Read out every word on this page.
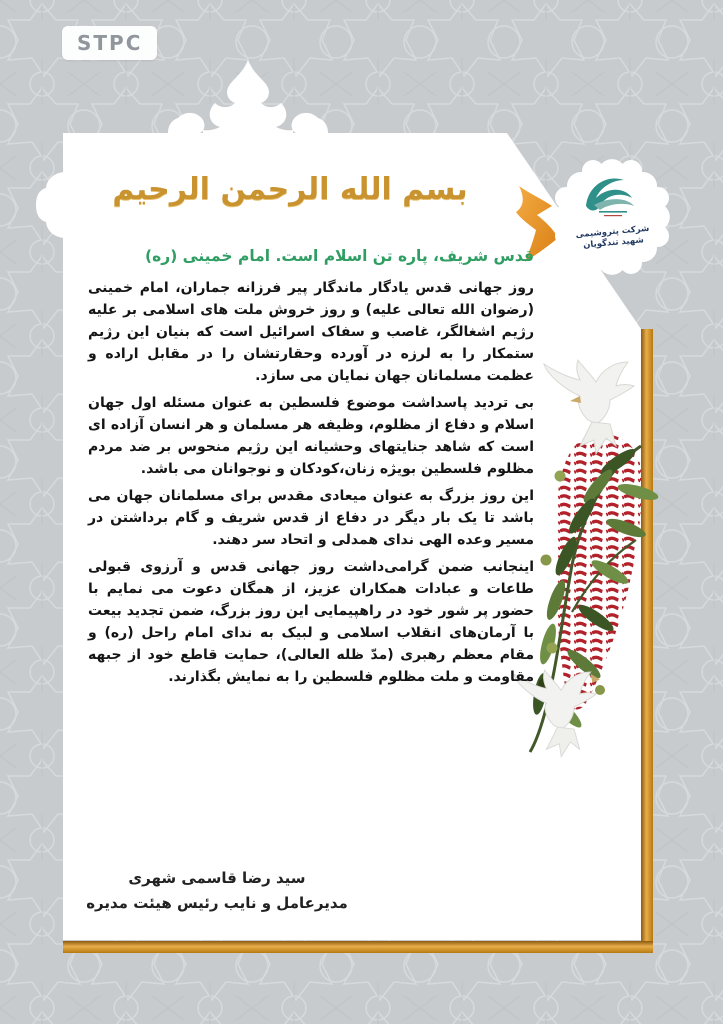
STPC
بسم الله الرحمن الرحیم
شرکت پتروشیمی شهید تندگویان
قدس شریف، پاره تن اسلام است. امام خمینی (ره)

روز جهانی قدس یادگار ماندگار پیر فرزانه جماران، امام خمینی (رضوان الله تعالی علیه) و روز خروش ملت های اسلامی بر علیه رژیم اشغالگر، غاصب و سفاک اسرائیل است که بنیان این رژیم ستمکار را به لرزه در آورده وحقارتشان را در مقابل اراده و عظمت مسلمانان جهان نمایان می سازد.

بی تردید پاسداشت موضوع فلسطین به عنوان مسئله اول جهان اسلام و دفاع از مظلوم، وظیفه هر مسلمان و هر انسان آزاده ای است که شاهد جنایتهای وحشیانه این رژیم منحوس بر ضد مردم مظلوم فلسطین بویژه زنان،کودکان و نوجوانان می باشد.

این روز بزرگ به عنوان میعادی مقدس برای مسلمانان جهان می باشد تا یک بار دیگر در دفاع از قدس شریف و گام برداشتن در مسیر وعده الهی ندای همدلی و اتحاد سر دهند.

اینجانب ضمن گرامی‌داشت روز جهانی قدس و آرزوی قبولی طاعات و عبادات همکاران عزیز، از همگان دعوت می نمایم با حضور پر شور خود در راهپیمایی این روز بزرگ، ضمن تجدید بیعت با آرمان‌های انقلاب اسلامی و لبیک به ندای امام راحل (ره) و مقام معظم رهبری (مدّ ظله العالی)، حمایت قاطع خود از جبهه مقاومت و ملت مظلوم فلسطین را به نمایش بگذارند.

سید رضا قاسمی شهری
مدیرعامل و نایب رئیس هیئت مدیره
